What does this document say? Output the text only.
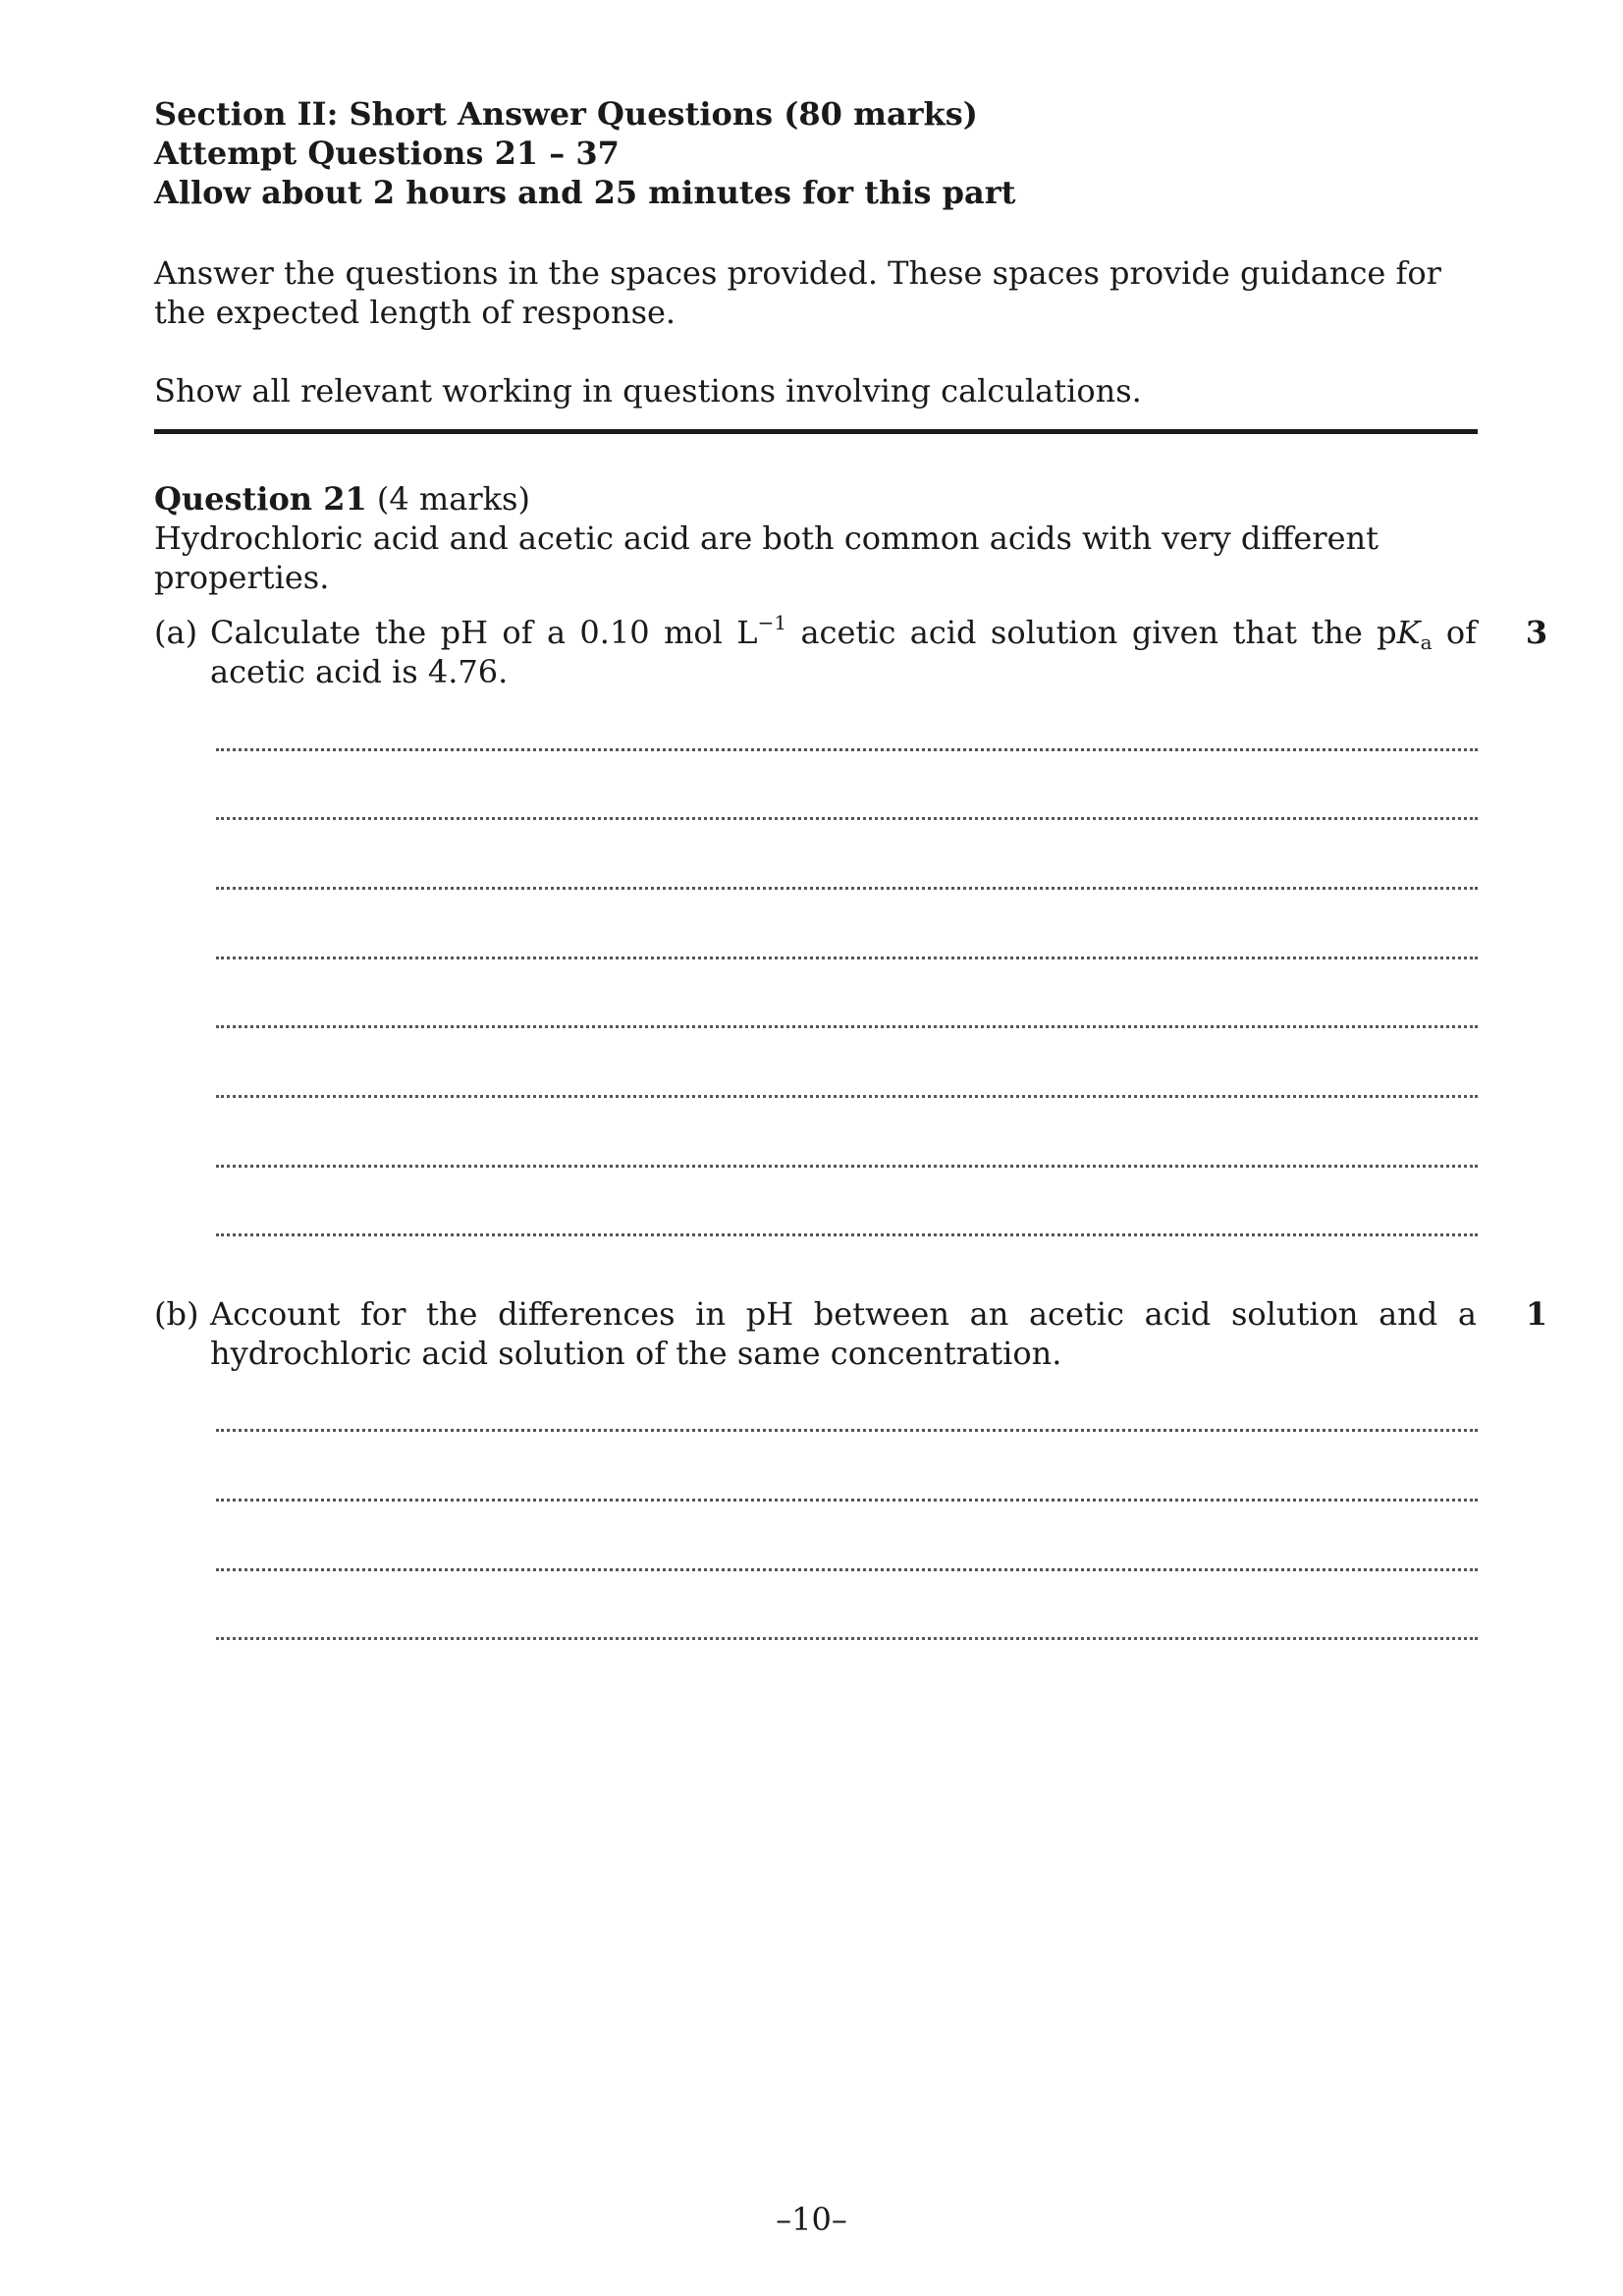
Section II: Short Answer Questions (80 marks)

Attempt Questions 21 – 37

Allow about 2 hours and 25 minutes for this part

Answer the questions in the spaces provided. These spaces provide guidance for the expected length of response.

Show all relevant working in questions involving calculations.

Question 21 (4 marks)
Hydrochloric acid and acetic acid are both common acids with very different properties.
(a) Calculate the pH of a 0.10 mol $L^{-1}$ acetic acid solution given that the $pK_a$ of acetic acid is 4.76.
3
(b) Account for the differences in pH between an acetic acid solution and a hydrochloric acid solution of the same concentration.
1
–10–
